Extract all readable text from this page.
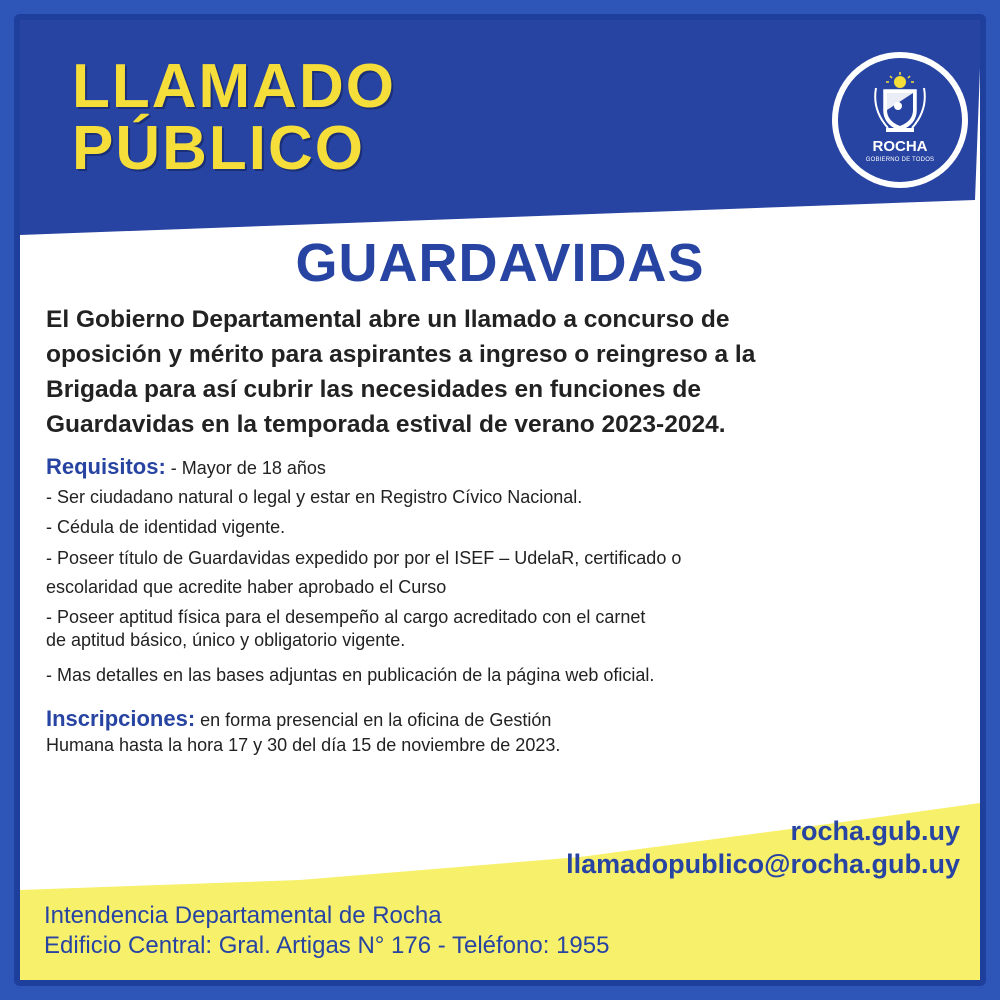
LLAMADO
PÚBLICO	ROCHA
GOBIERNO DE TODOS
GUARDAVIDAS
El Gobierno Departamental abre un llamado a concurso de
oposición y mérito para aspirantes a ingreso o reingreso a la
Brigada para así cubrir las necesidades en funciones de
Guardavidas en la temporada estival de verano 2023-2024.
Requisitos: - Mayor de 18 años
- Ser ciudadano natural o legal y estar en Registro Cívico Nacional.
- Cédula de identidad vigente.
- Poseer título de Guardavidas expedido por por el ISEF – UdelaR, certificado o
escolaridad que acredite haber aprobado el Curso
- Poseer aptitud física para el desempeño al cargo acreditado con el carnet
de aptitud básico, único y obligatorio vigente.
- Mas detalles en las bases adjuntas en publicación de la página web oficial.
Inscripciones: en forma presencial en la oficina de Gestión
Humana hasta la hora 17 y 30 del día 15 de noviembre de 2023.
rocha.gub.uy
llamadopublico@rocha.gub.uy
Intendencia Departamental de Rocha
Edificio Central: Gral. Artigas N° 176 - Teléfono: 1955
